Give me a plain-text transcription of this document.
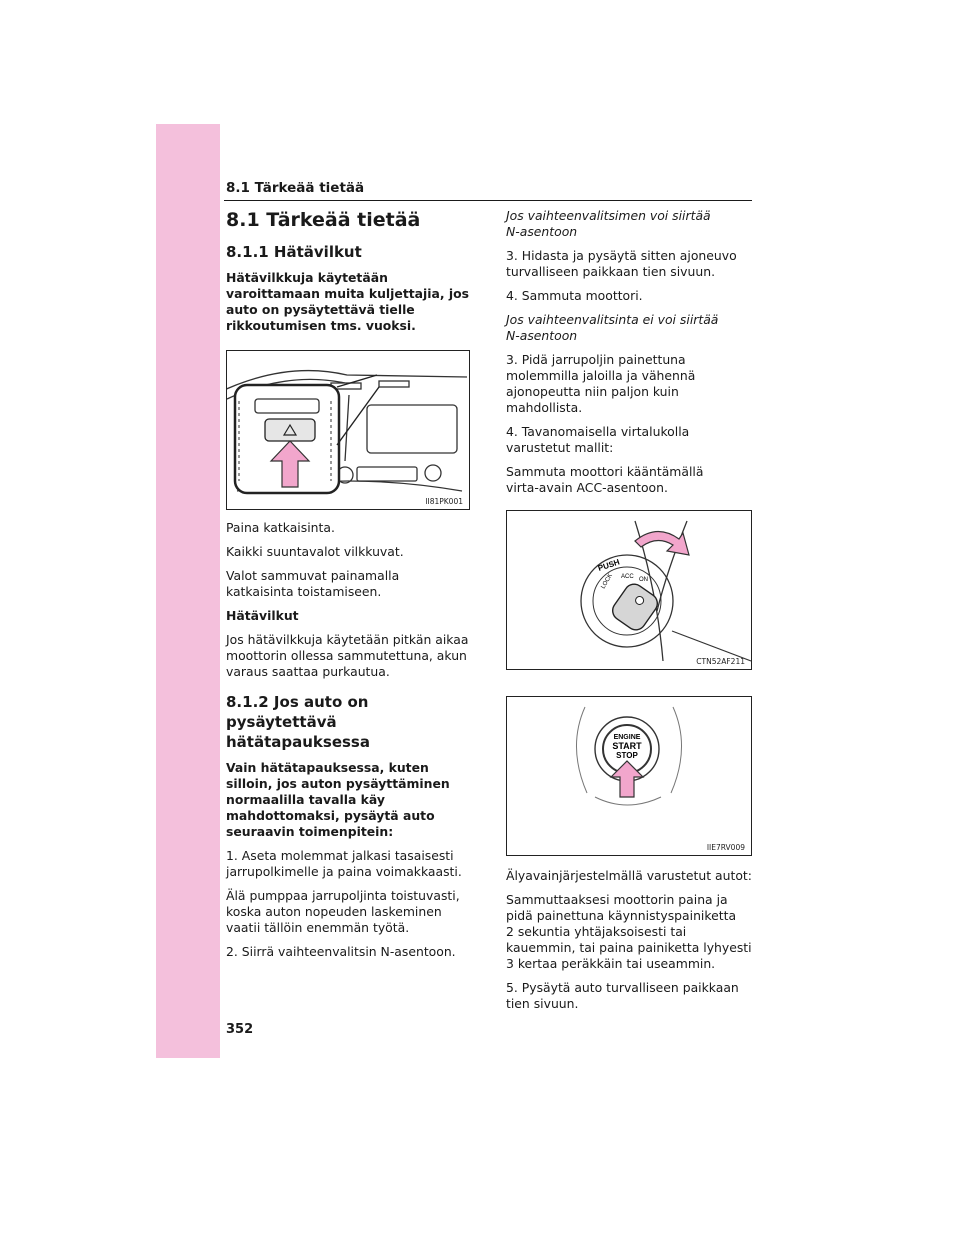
8.1 Tärkeää tietää
8.1 Tärkeää tietää
8.1.1 Hätävilkut

Hätävilkkuja käytetään varoittamaan muita kuljettajia, jos auto on pysäytettävä tielle rikkoutumisen tms. vuoksi.

II81PK001

Paina katkaisinta.

Kaikki suuntavalot vilkkuvat.

Valot sammuvat painamalla katkaisinta toistamiseen.

Hätävilkut

Jos hätävilkkuja käytetään pitkän aikaa moottorin ollessa sammutettuna, akun varaus saattaa purkautua.

8.1.2 Jos auto on pysäytettävä hätätapauksessa

Vain hätätapauksessa, kuten silloin, jos auton pysäyttäminen normaalilla tavalla käy mahdottomaksi, pysäytä auto seuraavin toimenpitein:

1. Aseta molemmat jalkasi tasaisesti jarrupolkimelle ja paina voimakkaasti.

Älä pumppaa jarrupoljinta toistuvasti, koska auton nopeuden laskeminen vaatii tällöin enemmän työtä.

2. Siirrä vaihteenvalitsin N-asentoon.

Jos vaihteenvalitsimen voi siirtää
N-asentoon

3. Hidasta ja pysäytä sitten ajoneuvo turvalliseen paikkaan tien sivuun.

4. Sammuta moottori.

Jos vaihteenvalitsinta ei voi siirtää
N-asentoon

3. Pidä jarrupoljin painettuna molemmilla jaloilla ja vähennä ajonopeutta niin paljon kuin mahdollista.

4. Tavanomaisella virtalukolla varustetut mallit:

Sammuta moottori kääntämällä
virta-avain ACC-asentoon.

PUSH
LOCK ACC ON
CTN52AF211
ENGINE
START
STOP
IIE7RV009

Älyavainjärjestelmällä varustetut autot:

Sammuttaaksesi moottorin paina ja pidä painettuna käynnistyspainiketta
2 sekuntia yhtäjaksoisesti tai kauemmin, tai paina painiketta lyhyesti 3 kertaa peräkkäin tai useammin.

5. Pysäytä auto turvalliseen paikkaan tien sivuun.

352
